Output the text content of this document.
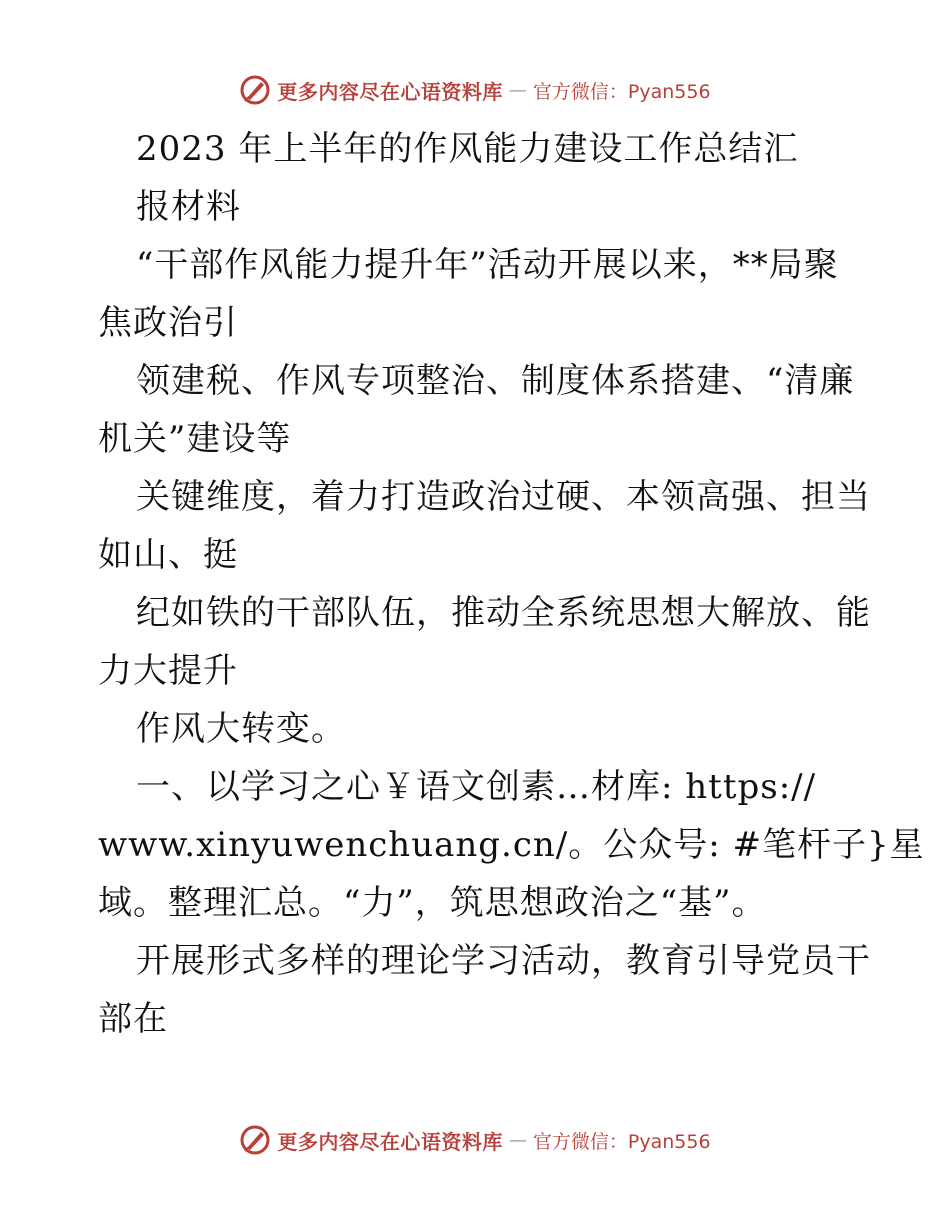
更多内容尽在心语资料库 — 官方微信：Pyan556
2023 年上半年的作风能力建设工作总结汇
报材料
“干部作风能力提升年”活动开展以来，**局聚
焦政治引
领建税、作风专项整治、制度体系搭建、“清廉
机关”建设等
关键维度，着力打造政治过硬、本领高强、担当
如山、挺
纪如铁的干部队伍，推动全系统思想大解放、能
力大提升
作风大转变。
一、以学习之心￥语文创素…材库: https://
www.xinyuwenchuang.cn/。公众号: #笔杆子}星
域。整理汇总。“力”，筑思想政治之“基”。
开展形式多样的理论学习活动，教育引导党员干
部在
更多内容尽在心语资料库 — 官方微信：Pyan556
